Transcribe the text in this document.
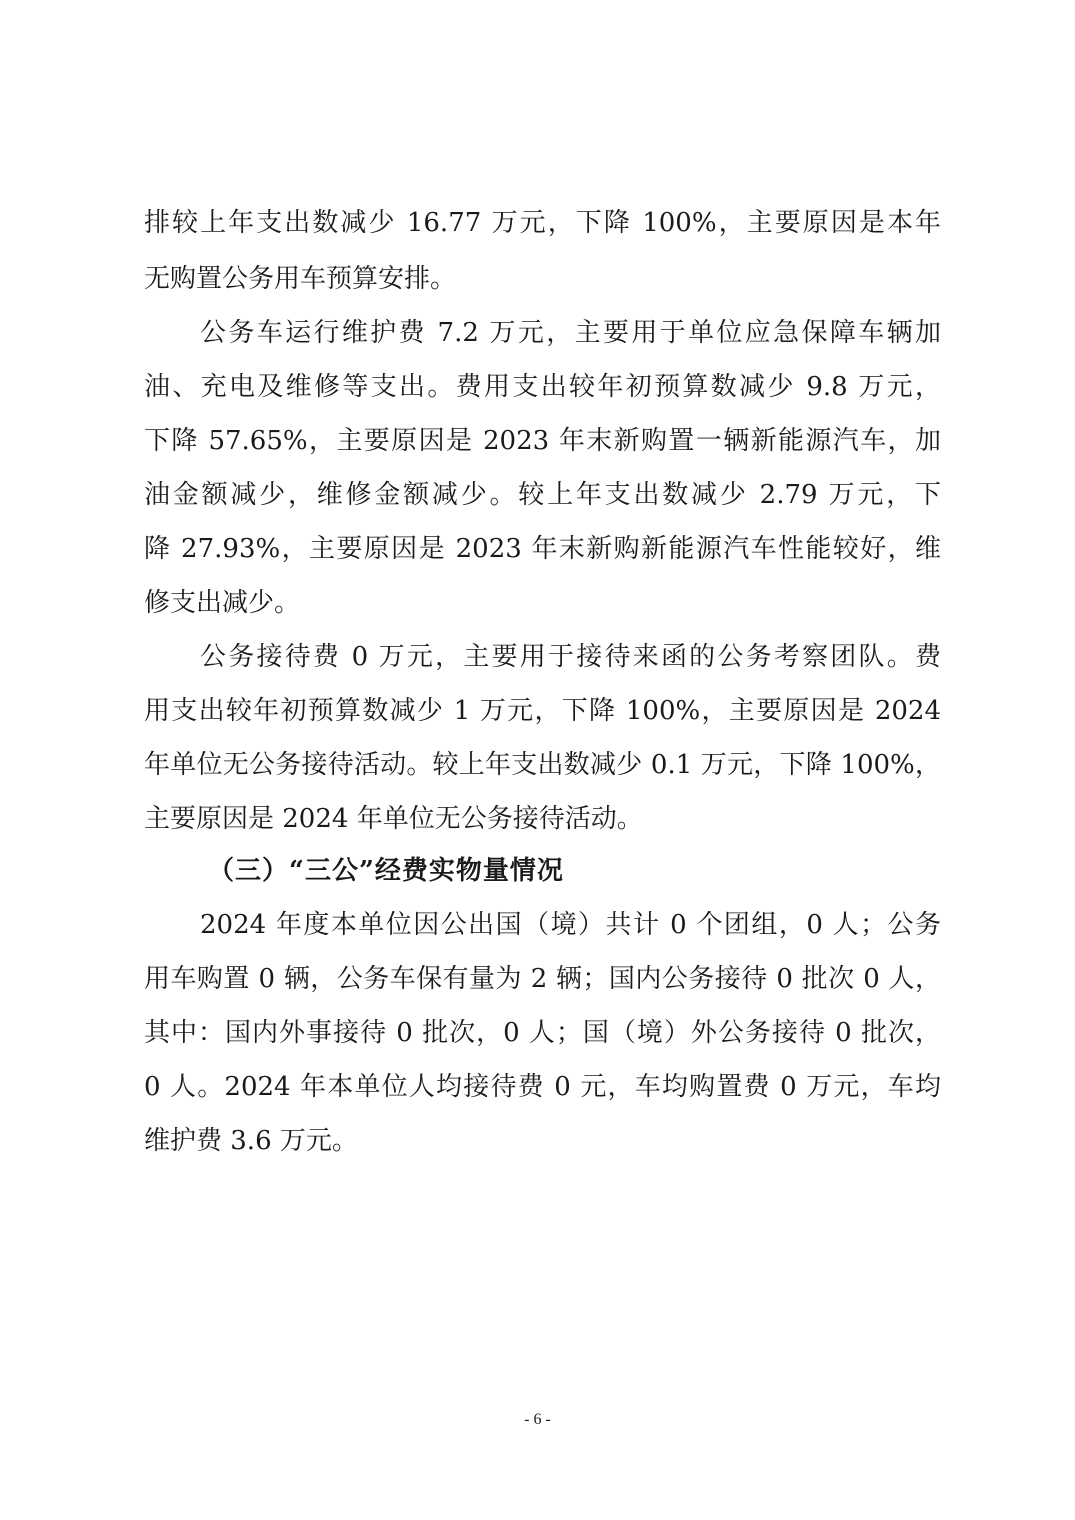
排较上年支出数减少 16.77 万元，下降 100%，主要原因是本年
无购置公务用车预算安排。
公务车运行维护费 7.2 万元，主要用于单位应急保障车辆加
油、充电及维修等支出。费用支出较年初预算数减少 9.8 万元，
下降 57.65%，主要原因是 2023 年末新购置一辆新能源汽车，加
油金额减少，维修金额减少。较上年支出数减少 2.79 万元，下
降 27.93%，主要原因是 2023 年末新购新能源汽车性能较好，维
修支出减少。
公务接待费 0 万元，主要用于接待来函的公务考察团队。费
用支出较年初预算数减少 1 万元，下降 100%，主要原因是 2024
年单位无公务接待活动。较上年支出数减少 0.1 万元，下降 100%，
主要原因是 2024 年单位无公务接待活动。
（三）“三公”经费实物量情况
2024 年度本单位因公出国（境）共计 0 个团组，0 人；公务
用车购置 0 辆，公务车保有量为 2 辆；国内公务接待 0 批次 0 人，
其中：国内外事接待 0 批次，0 人；国（境）外公务接待 0 批次，
0 人。2024 年本单位人均接待费 0 元，车均购置费 0 万元，车均
维护费 3.6 万元。
- 6 -
